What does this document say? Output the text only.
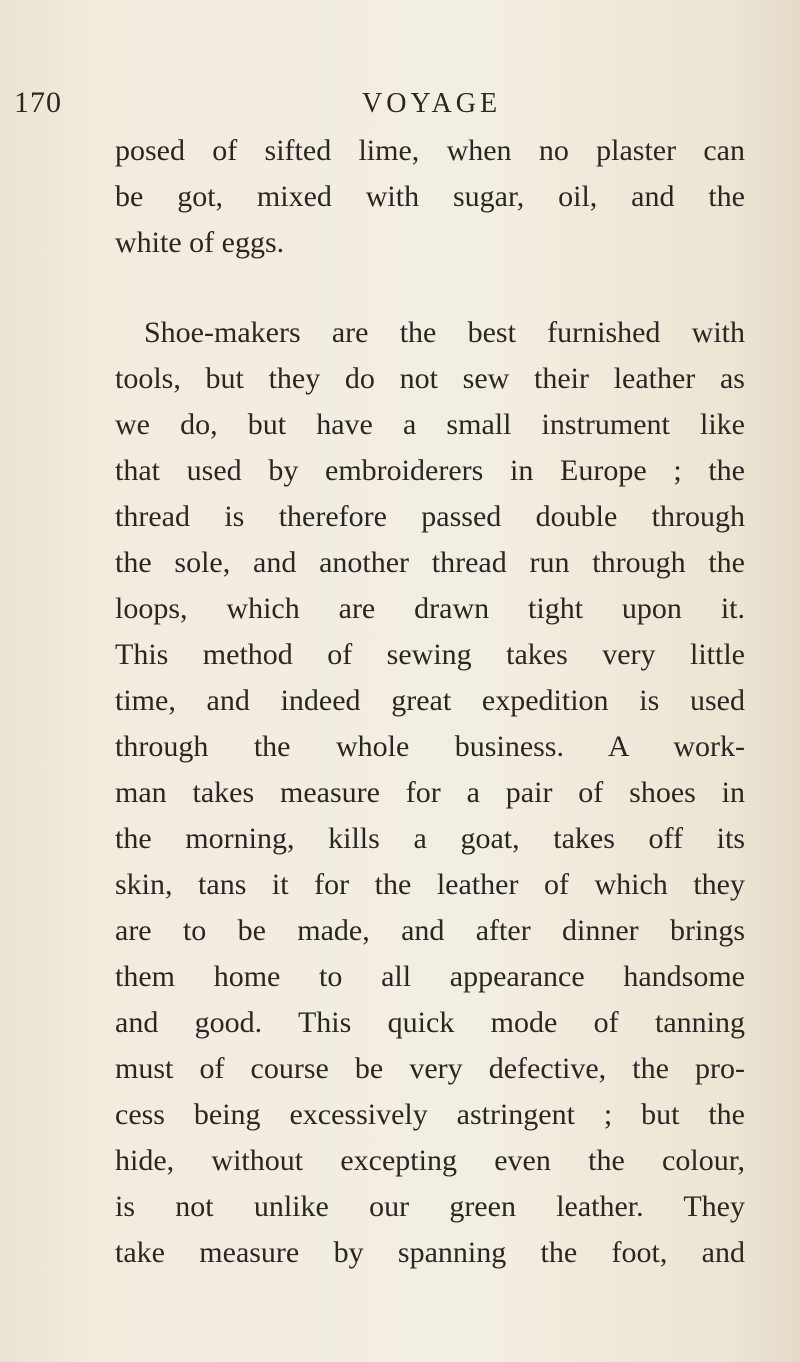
170	VOYAGE
posed of sifted lime, when no plaster can
be got, mixed with sugar, oil, and the
white of eggs.
Shoe-makers are the best furnished with
tools, but they do not sew their leather as
we do, but have a small instrument like
that used by embroiderers in Europe ; the
thread is therefore passed double through
the sole, and another thread run through the
loops, which are drawn tight upon it.
This method of sewing takes very little
time, and indeed great expedition is used
through the whole business. A work-
man takes measure for a pair of shoes in
the morning, kills a goat, takes off its
skin, tans it for the leather of which they
are to be made, and after dinner brings
them home to all appearance handsome
and good. This quick mode of tanning
must of course be very defective, the pro-
cess being excessively astringent ; but the
hide, without excepting even the colour,
is not unlike our green leather. They
take measure by spanning the foot, and
